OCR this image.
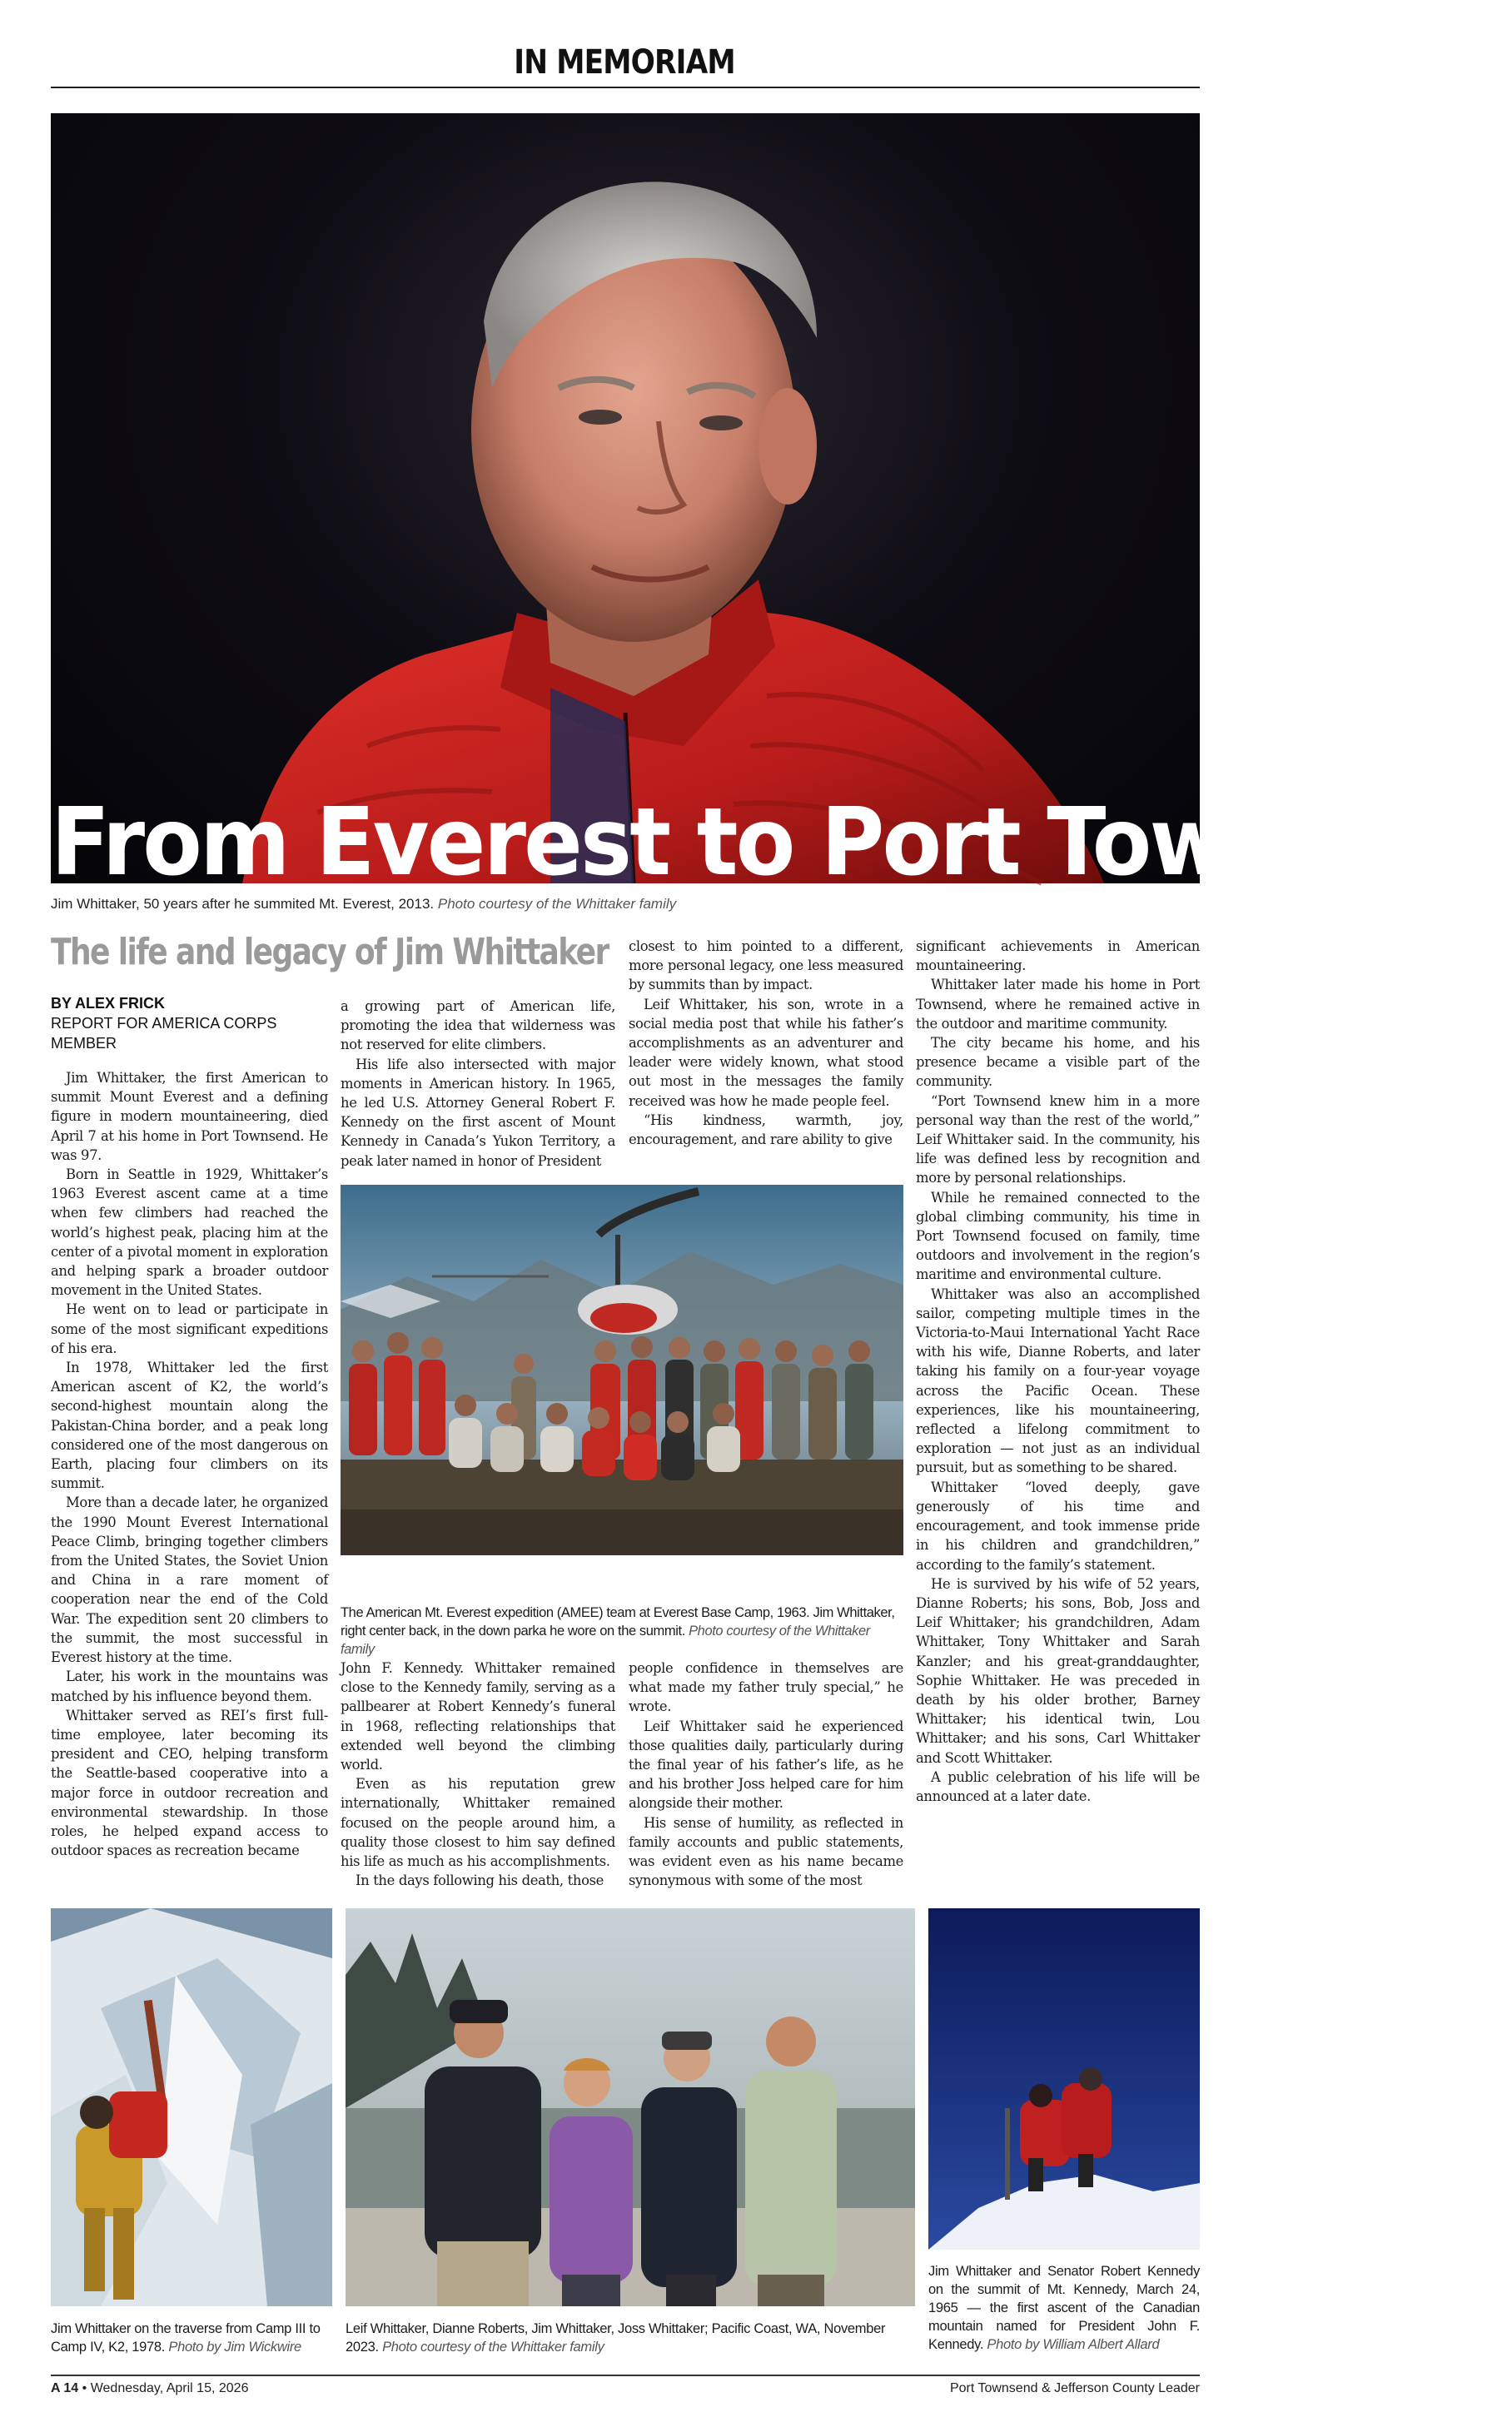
IN MEMORIAM
From Everest to Port Townsend
Jim Whittaker, 50 years after he summited Mt. Everest, 2013. Photo courtesy of the Whittaker family
The life and legacy of Jim Whittaker
BY ALEX FRICK
REPORT FOR AMERICA CORPS MEMBER

Jim Whittaker, the first American to summit Mount Everest and a defining figure in modern mountaineering, died April 7 at his home in Port Townsend. He was 97.

Born in Seattle in 1929, Whittaker’s 1963 Everest ascent came at a time when few climbers had reached the world’s highest peak, placing him at the center of a pivotal moment in exploration and helping spark a broader outdoor movement in the United States.

He went on to lead or participate in some of the most significant expeditions of his era.

In 1978, Whittaker led the first American ascent of K2, the world’s second-highest mountain along the Pakistan-China border, and a peak long considered one of the most dangerous on Earth, placing four climbers on its summit.

More than a decade later, he organized the 1990 Mount Everest International Peace Climb, bringing together climbers from the United States, the Soviet Union and China in a rare moment of cooperation near the end of the Cold War. The expedition sent 20 climbers to the summit, the most successful in Everest history at the time.

Later, his work in the mountains was matched by his influence beyond them.

Whittaker served as REI’s first full-time employee, later becoming its president and CEO, helping transform the Seattle-based cooperative into a major force in outdoor recreation and environmental stewardship. In those roles, he helped expand access to outdoor spaces as recreation became

a growing part of American life, promoting the idea that wilderness was not reserved for elite climbers.

His life also intersected with major moments in American history. In 1965, he led U.S. Attorney General Robert F. Kennedy on the first ascent of Mount Kennedy in Canada’s Yukon Territory, a peak later named in honor of President

closest to him pointed to a different, more personal legacy, one less measured by summits than by impact.

Leif Whittaker, his son, wrote in a social media post that while his father’s accomplishments as an adventurer and leader were widely known, what stood out most in the messages the family received was how he made people feel.

“His kindness, warmth, joy, encouragement, and rare ability to give

significant achievements in American mountaineering.

Whittaker later made his home in Port Townsend, where he remained active in the outdoor and maritime community.

The city became his home, and his presence became a visible part of the community.

“Port Townsend knew him in a more personal way than the rest of the world,” Leif Whittaker said. In the community, his life was defined less by recognition and more by personal relationships.

While he remained connected to the global climbing community, his time in Port Townsend focused on family, time outdoors and involvement in the region’s maritime and environmental culture.

Whittaker was also an accomplished sailor, competing multiple times in the Victoria-to-Maui International Yacht Race with his wife, Dianne Roberts, and later taking his family on a four-year voyage across the Pacific Ocean. These experiences, like his mountaineering, reflected a lifelong commitment to exploration — not just as an individual pursuit, but as something to be shared.

Whittaker “loved deeply, gave generously of his time and encouragement, and took immense pride in his children and grandchildren,” according to the family’s statement.

He is survived by his wife of 52 years, Dianne Roberts; his sons, Bob, Joss and Leif Whittaker; his grandchildren, Adam Whittaker, Tony Whittaker and Sarah Kanzler; and his great-granddaughter, Sophie Whittaker. He was preceded in death by his older brother, Barney Whittaker; his identical twin, Lou Whittaker; and his sons, Carl Whittaker and Scott Whittaker.

A public celebration of his life will be announced at a later date.

The American Mt. Everest expedition (AMEE) team at Everest Base Camp, 1963. Jim Whittaker, right center back, in the down parka he wore on the summit. Photo courtesy of the Whittaker family

John F. Kennedy. Whittaker remained close to the Kennedy family, serving as a pallbearer at Robert Kennedy’s funeral in 1968, reflecting relationships that extended well beyond the climbing world.

Even as his reputation grew internationally, Whittaker remained focused on the people around him, a quality those closest to him say defined his life as much as his accomplishments.

In the days following his death, those

people confidence in themselves are what made my father truly special,” he wrote.

Leif Whittaker said he experienced those qualities daily, particularly during the final year of his father’s life, as he and his brother Joss helped care for him alongside their mother.

His sense of humility, as reflected in family accounts and public statements, was evident even as his name became synonymous with some of the most

Jim Whittaker on the traverse from Camp III to Camp IV, K2, 1978. Photo by Jim Wickwire
Leif Whittaker, Dianne Roberts, Jim Whittaker, Joss Whittaker; Pacific Coast, WA, November 2023. Photo courtesy of the Whittaker family
Jim Whittaker and Senator Robert Kennedy on the summit of Mt. Kennedy, March 24, 1965 — the first ascent of the Canadian mountain named for President John F. Kennedy. Photo by William Albert Allard
A 14 • Wednesday, April 15, 2026	Port Townsend & Jefferson County Leader
